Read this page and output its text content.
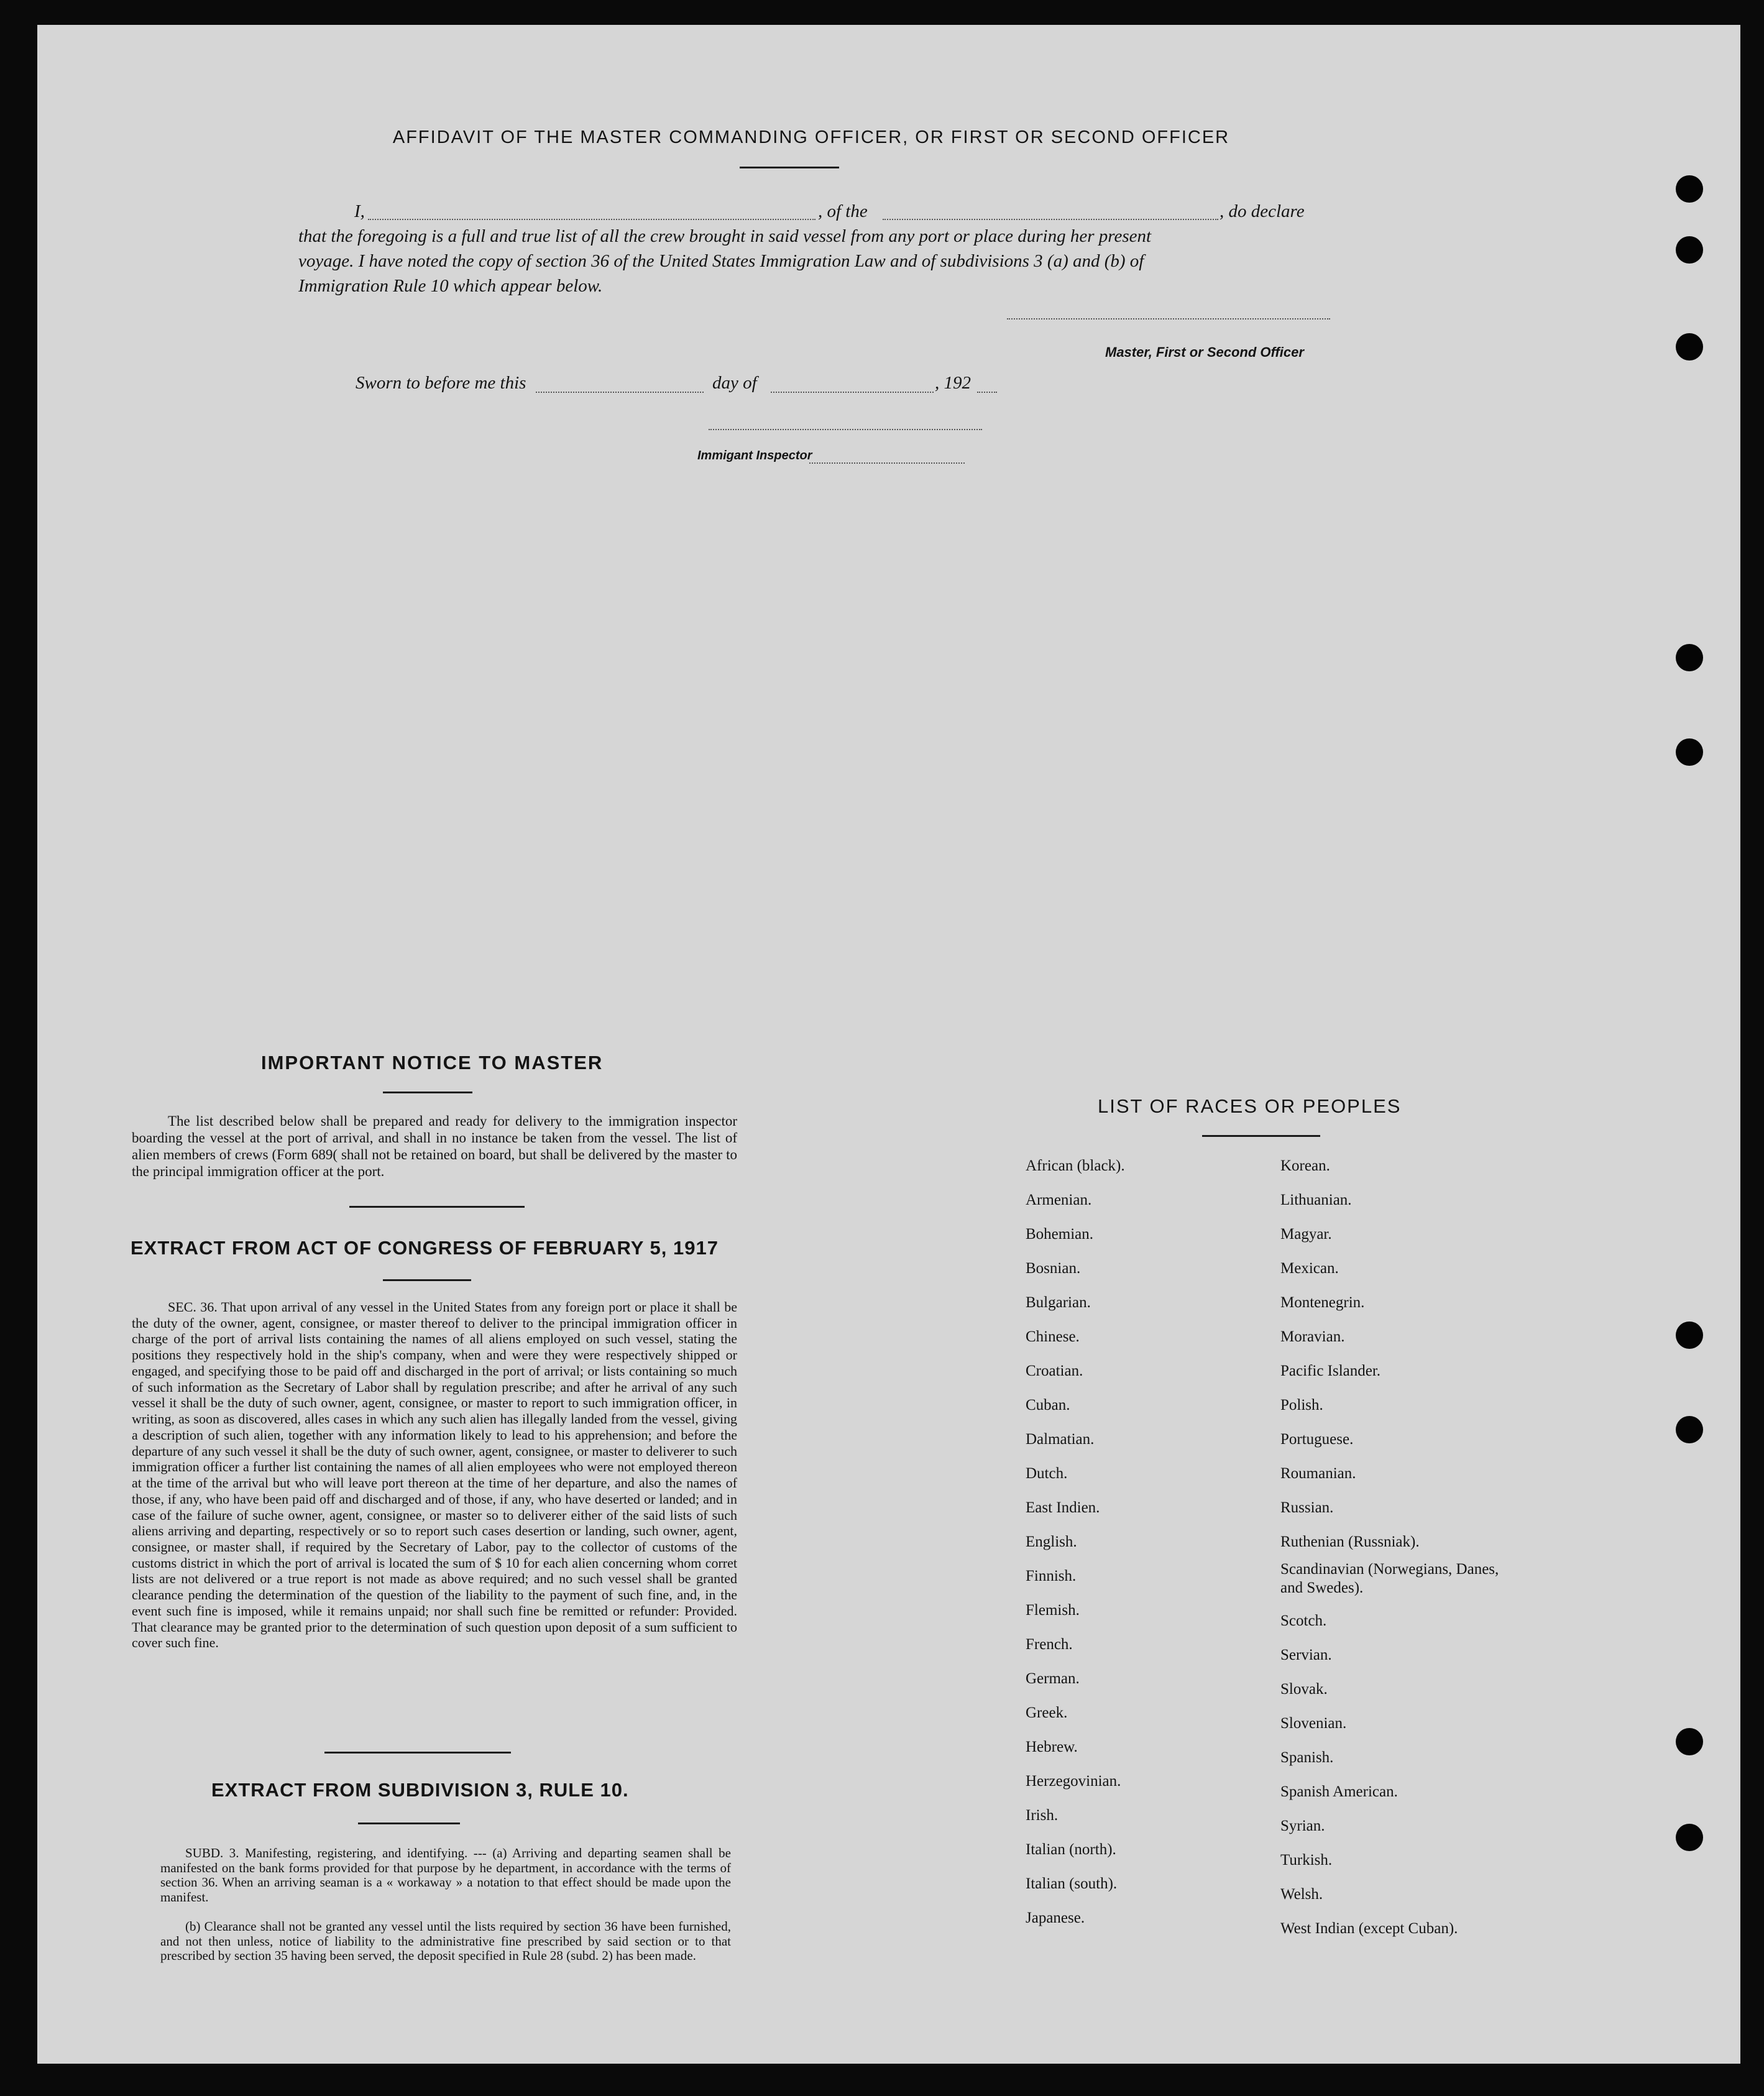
AFFIDAVIT OF THE MASTER COMMANDING OFFICER, OR FIRST OR SECOND OFFICER
I,	, of the	, do declare
that the foregoing is a full and true list of all the crew brought in said vessel from any port or place during her present
voyage. I have noted the copy of section 36 of the United States Immigration Law and of subdivisions 3 (a) and (b) of
Immigration Rule 10 which appear below.
Master, First or Second Officer
Sworn to before me this	day of	, 192
Immigant Inspector
IMPORTANT NOTICE TO MASTER
The list described below shall be prepared and ready for delivery to the immigration inspector boarding the vessel at the port of arrival, and shall in no instance be taken from the vessel. The list of alien members of crews (Form 689( shall not be retained on board, but shall be delivered by the master to the principal immigration officer at the port.
EXTRACT FROM ACT OF CONGRESS OF FEBRUARY 5, 1917
SEC. 36. That upon arrival of any vessel in the United States from any foreign port or place it shall be the duty of the owner, agent, consignee, or master thereof to deliver to the principal immigration officer in charge of the port of arrival lists containing the names of all aliens employed on such vessel, stating the positions they respectively hold in the ship's company, when and were they were respectively shipped or engaged, and specifying those to be paid off and discharged in the port of arrival; or lists containing so much of such information as the Secretary of Labor shall by regulation prescribe; and after he arrival of any such vessel it shall be the duty of such owner, agent, consignee, or master to report to such immigration officer, in writing, as soon as discovered, alles cases in which any such alien has illegally landed from the vessel, giving a description of such alien, together with any information likely to lead to his apprehension; and before the departure of any such vessel it shall be the duty of such owner, agent, consignee, or master to deliverer to such immigration officer a further list containing the names of all alien employees who were not employed thereon at the time of the arrival but who will leave port thereon at the time of her departure, and also the names of those, if any, who have been paid off and discharged and of those, if any, who have deserted or landed; and in case of the failure of suche owner, agent, consignee, or master so to deliverer either of the said lists of such aliens arriving and departing, respectively or so to report such cases desertion or landing, such owner, agent, consignee, or master shall, if required by the Secretary of Labor, pay to the collector of customs of the customs district in which the port of arrival is located the sum of $ 10 for each alien concerning whom corret lists are not delivered or a true report is not made as above required; and no such vessel shall be granted clearance pending the determination of the question of the liability to the payment of such fine, and, in the event such fine is imposed, while it remains unpaid; nor shall such fine be remitted or refunder: Provided. That clearance may be granted prior to the determination of such question upon deposit of a sum sufficient to cover such fine.
EXTRACT FROM SUBDIVISION 3, RULE 10.
SUBD. 3. Manifesting, registering, and identifying. --- (a) Arriving and departing seamen shall be manifested on the bank forms provided for that purpose by he department, in accordance with the terms of section 36. When an arriving seaman is a « workaway » a notation to that effect should be made upon the manifest.
(b) Clearance shall not be granted any vessel until the lists required by section 36 have been furnished, and not then unless, notice of liability to the administrative fine prescribed by said section or to that prescribed by section 35 having been served, the deposit specified in Rule 28 (subd. 2) has been made.
LIST OF RACES OR PEOPLES
African (black).
Armenian.
Bohemian.
Bosnian.
Bulgarian.
Chinese.
Croatian.
Cuban.
Dalmatian.
Dutch.
East Indien.
English.
Finnish.
Flemish.
French.
German.
Greek.
Hebrew.
Herzegovinian.
Irish.
Italian (north).
Italian (south).
Japanese.
Korean.
Lithuanian.
Magyar.
Mexican.
Montenegrin.
Moravian.
Pacific Islander.
Polish.
Portuguese.
Roumanian.
Russian.
Ruthenian (Russniak).
Scandinavian (Norwegians, Danes, and Swedes).
Scotch.
Servian.
Slovak.
Slovenian.
Spanish.
Spanish American.
Syrian.
Turkish.
Welsh.
West Indian (except Cuban).
